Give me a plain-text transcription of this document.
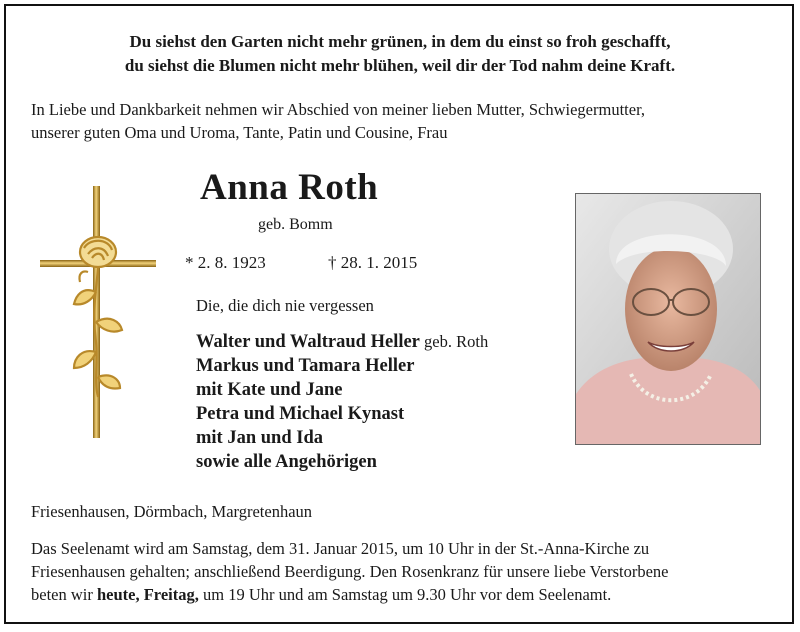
Du siehst den Garten nicht mehr grünen, in dem du einst so froh geschafft,
du siehst die Blumen nicht mehr blühen, weil dir der Tod nahm deine Kraft.
In Liebe und Dankbarkeit nehmen wir Abschied von meiner lieben Mutter, Schwiegermutter,
unserer guten Oma und Uroma, Tante, Patin und Cousine, Frau
Anna Roth
geb. Bomm
* 2. 8. 1923	† 28. 1. 2015
Die, die dich nie vergessen
Walter und Waltraud Heller geb. Roth
Markus und Tamara Heller
mit Kate und Jane
Petra und Michael Kynast
mit Jan und Ida
sowie alle Angehörigen
Friesenhausen, Dörmbach, Margretenhaun
Das Seelenamt wird am Samstag, dem 31. Januar 2015, um 10 Uhr in der St.-Anna-Kirche zu
Friesenhausen gehalten; anschließend Beerdigung. Den Rosenkranz für unsere liebe Verstorbene
beten wir heute, Freitag, um 19 Uhr und am Samstag um 9.30 Uhr vor dem Seelenamt.
